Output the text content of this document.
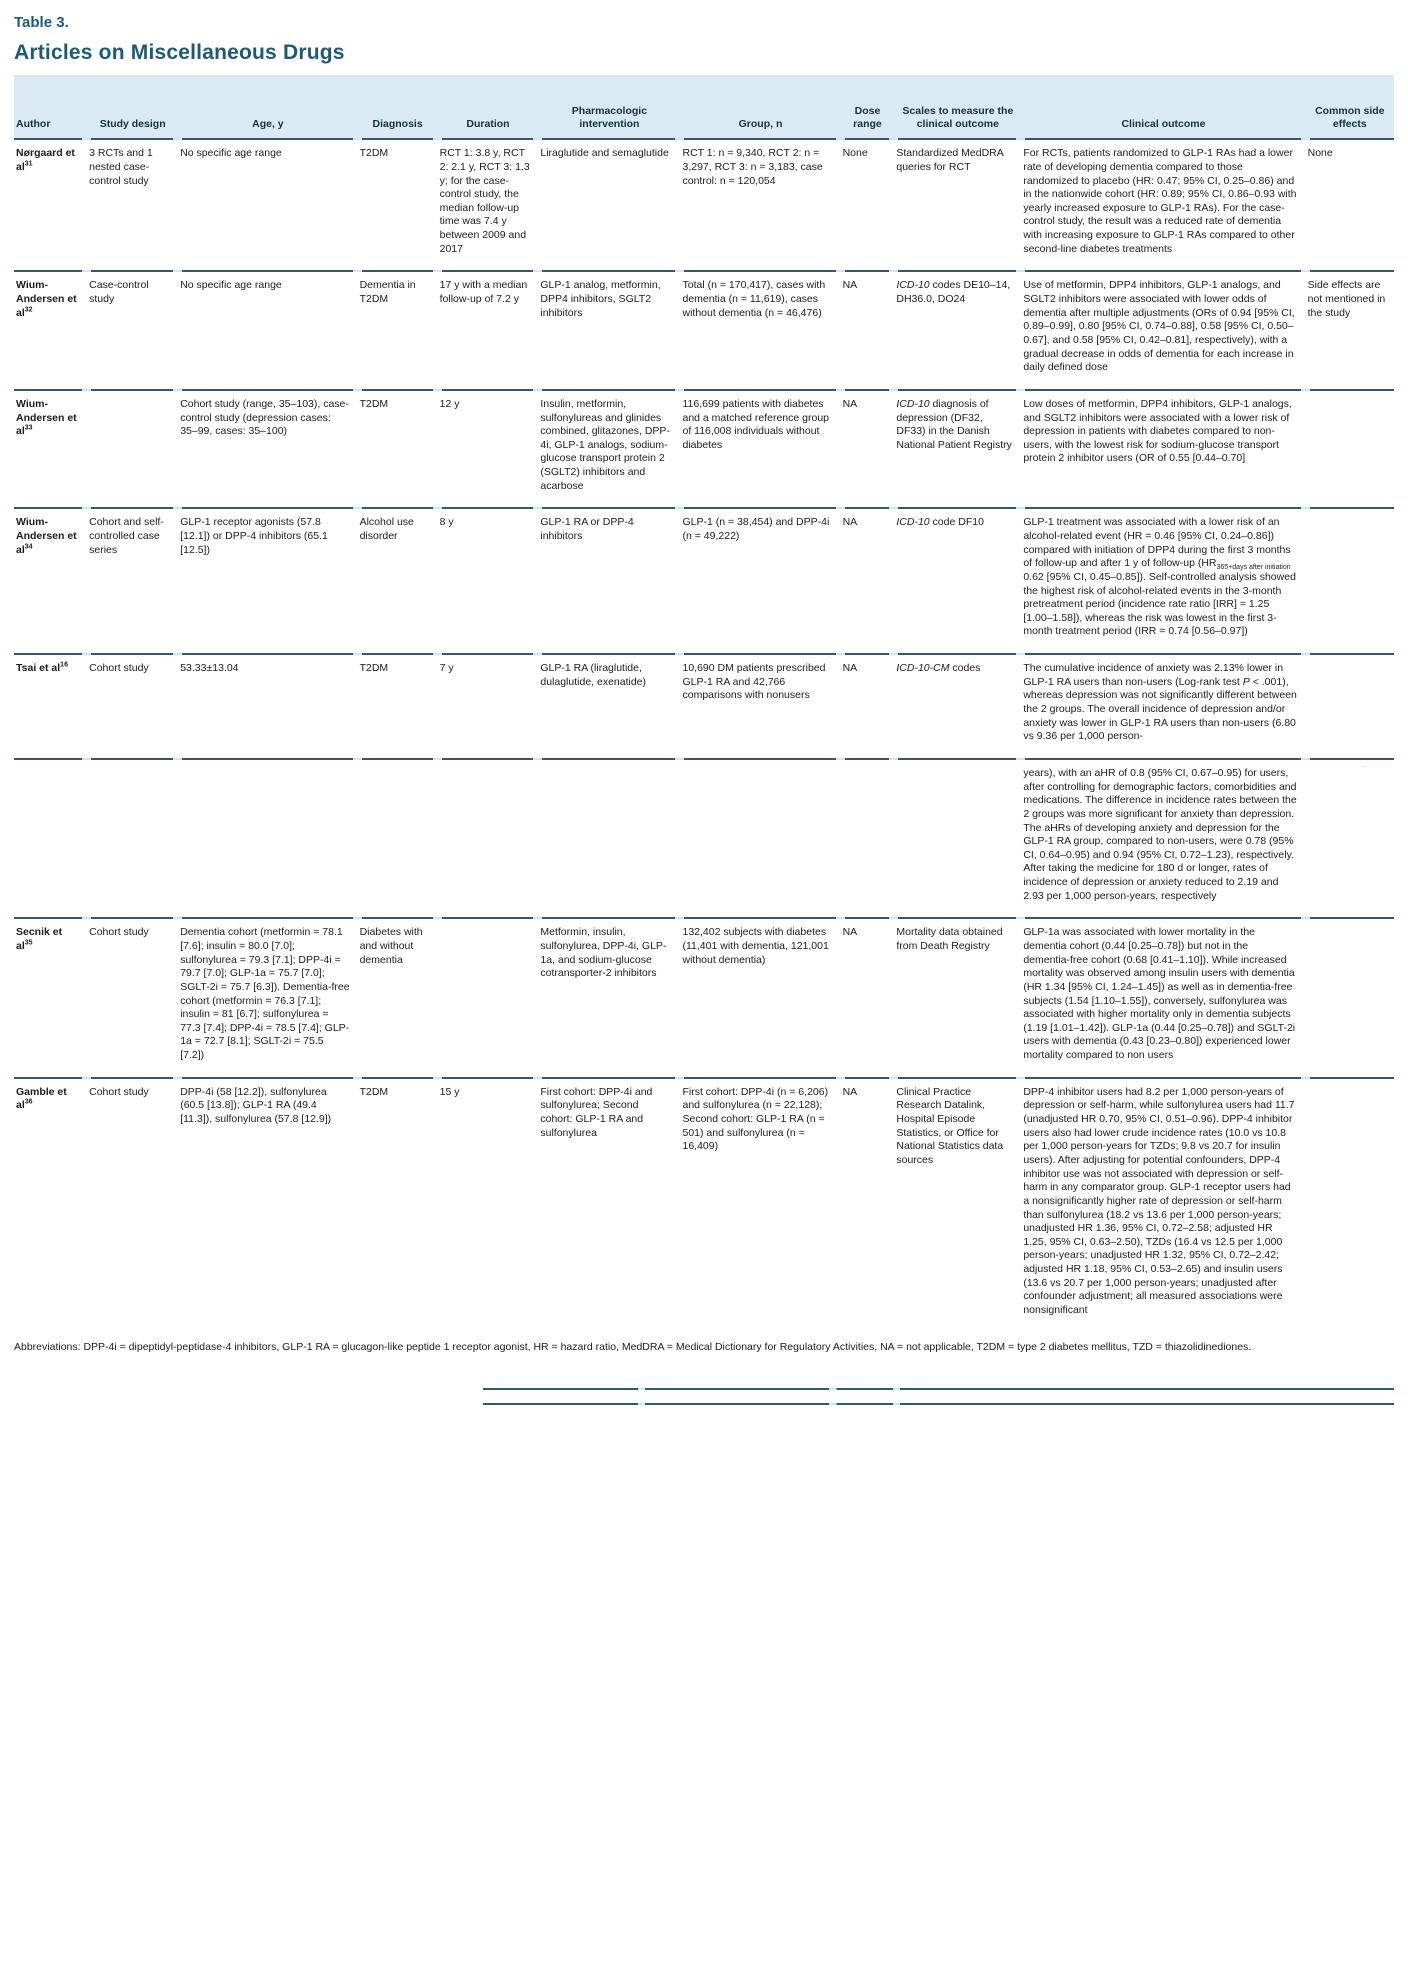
Table 3.
Articles on Miscellaneous Drugs
Author	Study design	Age, y	Diagnosis	Duration	Pharmacologic intervention	Group, n	Dose range	Scales to measure the clinical outcome	Clinical outcome	Common side effects
Nørgaard et $al^{31}$	3 RCTs and 1 nested case-control study	No specific age range	T2DM	RCT 1: 3.8 y, RCT 2: 2.1 y, RCT 3: 1.3 y; for the case-control study, the median follow-up time was 7.4 y between 2009 and 2017	Liraglutide and semaglutide	RCT 1: n = 9,340, RCT 2: n = 3,297, RCT 3: n = 3,183, case control: n = 120,054	None	Standardized MedDRA queries for RCT	For RCTs, patients randomized to GLP-1 RAs had a lower rate of developing dementia compared to those randomized to placebo (HR: 0.47; 95% CI, 0.25–0.86) and in the nationwide cohort (HR: 0.89; 95% CI, 0.86–0.93 with yearly increased exposure to GLP-1 RAs). For the case-control study, the result was a reduced rate of dementia with increasing exposure to GLP-1 RAs compared to other second-line diabetes treatments	None
Wium-Andersen et $al^{32}$	Case-control study	No specific age range	Dementia in T2DM	17 y with a median follow-up of 7.2 y	GLP-1 analog, metformin, DPP4 inhibitors, SGLT2 inhibitors	Total (n = 170,417), cases with dementia (n = 11,619), cases without dementia (n = 46,476)	NA	ICD-10 codes DE10–14, DH36.0, DO24	Use of metformin, DPP4 inhibitors, GLP-1 analogs, and SGLT2 inhibitors were associated with lower odds of dementia after multiple adjustments (ORs of 0.94 [95% CI, 0.89–0.99], 0.80 [95% CI, 0.74–0.88], 0.58 [95% CI, 0.50–0.67], and 0.58 [95% CI, 0.42–0.81], respectively), with a gradual decrease in odds of dementia for each increase in daily defined dose	Side effects are not mentioned in the study
Wium-Andersen et $al^{33}$		Cohort study (range, 35–103), case-control study (depression cases: 35–99, cases: 35–100)	T2DM	12 y	Insulin, metformin, sulfonylureas and glinides combined, glitazones, DPP-4i, GLP-1 analogs, sodium-glucose transport protein 2 (SGLT2) inhibitors and acarbose	116,699 patients with diabetes and a matched reference group of 116,008 individuals without diabetes	NA	ICD-10 diagnosis of depression (DF32, DF33) in the Danish National Patient Registry	Low doses of metformin, DPP4 inhibitors, GLP-1 analogs, and SGLT2 inhibitors were associated with a lower risk of depression in patients with diabetes compared to non-users, with the lowest risk for sodium-glucose transport protein 2 inhibitor users (OR of 0.55 [0.44–0.70]	
Wium-Andersen et $al^{34}$	Cohort and self-controlled case series	GLP-1 receptor agonists (57.8 [12.1]) or DPP-4 inhibitors (65.1 [12.5])	Alcohol use disorder	8 y	GLP-1 RA or DPP-4 inhibitors	GLP-1 (n = 38,454) and DPP-4i (n = 49,222)	NA	ICD-10 code DF10	GLP-1 treatment was associated with a lower risk of an alcohol-related event (HR = 0.46 [95% CI, 0.24–0.86]) compared with initiation of DPP4 during the first 3 months of follow-up and after 1 y of follow-up ($HR_{365+days after initiation}$ 0.62 [95% CI, 0.45–0.85]). Self-controlled analysis showed the highest risk of alcohol-related events in the 3-month pretreatment period (incidence rate ratio [IRR] = 1.25 [1.00–1.58]), whereas the risk was lowest in the first 3-month treatment period (IRR = 0.74 [0.56–0.97])	
Tsai et $al^{16}$	Cohort study	53.33±13.04	T2DM	7 y	GLP-1 RA (liraglutide, dulaglutide, exenatide)	10,690 DM patients prescribed GLP-1 RA and 42,766 comparisons with nonusers	NA	ICD-10-CM codes	The cumulative incidence of anxiety was 2.13% lower in GLP-1 RA users than non-users (Log-rank test P < .001), whereas depression was not significantly different between the 2 groups. The overall incidence of depression and/or anxiety was lower in GLP-1 RA users than non-users (6.80 vs 9.36 per 1,000 person-	
									years), with an aHR of 0.8 (95% CI, 0.67–0.95) for users, after controlling for demographic factors, comorbidities and medications. The difference in incidence rates between the 2 groups was more significant for anxiety than depression. The aHRs of developing anxiety and depression for the GLP-1 RA group, compared to non-users, were 0.78 (95% CI, 0.64–0.95) and 0.94 (95% CI, 0.72–1.23), respectively. After taking the medicine for 180 d or longer, rates of incidence of depression or anxiety reduced to 2.19 and 2.93 per 1,000 person-years, respectively	– ·· ·

Secnik et $al^{35}$	Cohort study	Dementia cohort (metformin = 78.1 [7.6]; insulin = 80.0 [7.0]; sulfonylurea = 79.3 [7.1]; DPP-4i = 79.7 [7.0]; GLP-1a = 75.7 [7.0]; SGLT-2i = 75.7 [6.3]). Dementia-free cohort (metformin = 76.3 [7.1]; insulin = 81 [6.7]; sulfonylurea = 77.3 [7.4]; DPP-4i = 78.5 [7.4]; GLP-1a = 72.7 [8.1]; SGLT-2i = 75.5 [7.2])	Diabetes with and without dementia		Metformin, insulin, sulfonylurea, DPP-4i, GLP-1a, and sodium-glucose cotransporter-2 inhibitors	132,402 subjects with diabetes (11,401 with dementia, 121,001 without dementia)	NA	Mortality data obtained from Death Registry	GLP-1a was associated with lower mortality in the dementia cohort (0.44 [0.25–0.78]) but not in the dementia-free cohort (0.68 [0.41–1.10]). While increased mortality was observed among insulin users with dementia (HR 1.34 [95% CI, 1.24–1.45]) as well as in dementia-free subjects (1.54 [1.10–1.55]), conversely, sulfonylurea was associated with higher mortality only in dementia subjects (1.19 [1.01–1.42]). GLP-1a (0.44 [0.25–0.78]) and SGLT-2i users with dementia (0.43 [0.23–0.80]) experienced lower mortality compared to non users	
Gamble et $al^{36}$	Cohort study	DPP-4i (58 [12.2]), sulfonylurea (60.5 [13.8]); GLP-1 RA (49.4 [11.3]), sulfonylurea (57.8 [12.9])	T2DM	15 y	First cohort: DPP-4i and sulfonylurea; Second cohort: GLP-1 RA and sulfonylurea	First cohort: DPP-4i (n = 6,206) and sulfonylurea (n = 22,128); Second cohort: GLP-1 RA (n = 501) and sulfonylurea (n = 16,409)	NA	Clinical Practice Research Datalink, Hospital Episode Statistics, or Office for National Statistics data sources	DPP-4 inhibitor users had 8.2 per 1,000 person-years of depression or self-harm, while sulfonylurea users had 11.7 (unadjusted HR 0.70, 95% CI, 0.51–0.96). DPP-4 inhibitor users also had lower crude incidence rates (10.0 vs 10.8 per 1,000 person-years for TZDs; 9.8 vs 20.7 for insulin users). After adjusting for potential confounders, DPP-4 inhibitor use was not associated with depression or self-harm in any comparator group. GLP-1 receptor users had a nonsignificantly higher rate of depression or self-harm than sulfonylurea (18.2 vs 13.6 per 1,000 person-years; unadjusted HR 1.36, 95% CI, 0.72–2.58; adjusted HR 1.25, 95% CI, 0.63–2.50), TZDs (16.4 vs 12.5 per 1,000 person-years; unadjusted HR 1.32, 95% CI, 0.72–2.42; adjusted HR 1.18, 95% CI, 0.53–2.65) and insulin users (13.6 vs 20.7 per 1,000 person-years; unadjusted after confounder adjustment; all measured associations were nonsignificant	

Abbreviations: DPP-4i = dipeptidyl-peptidase-4 inhibitors, GLP-1 RA = glucagon-like peptide 1 receptor agonist, HR = hazard ratio, MedDRA = Medical Dictionary for Regulatory Activities, NA = not applicable, T2DM = type 2 diabetes mellitus, TZD = thiazolidinediones.
